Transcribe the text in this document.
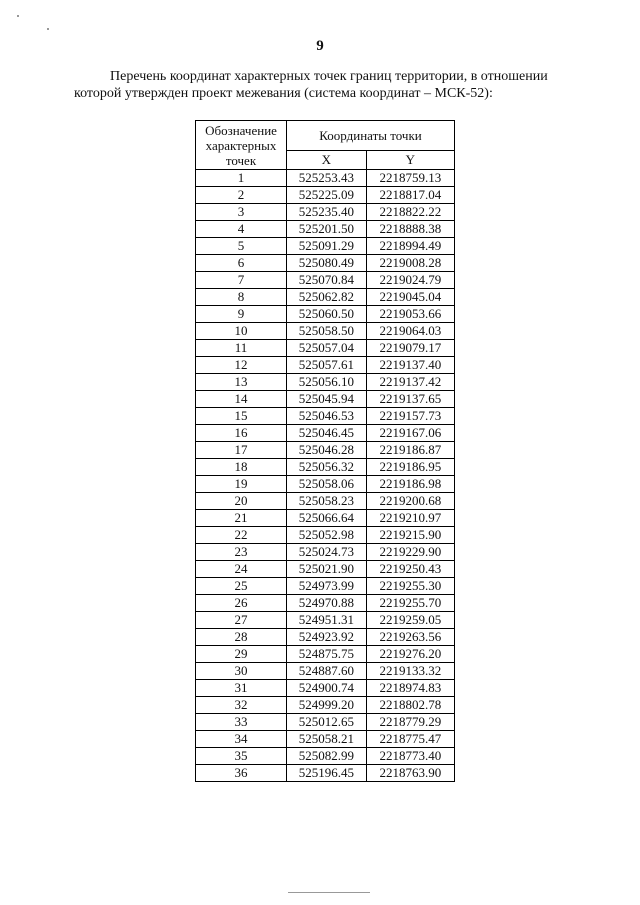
9
Перечень координат характерных точек границ территории, в отношении
которой утвержден проект межевания (система координат – МСК-52):
Обозначение характерных точек	Координаты точки	
	X	Y
1	525253.43	2218759.13
2	525225.09	2218817.04
3	525235.40	2218822.22
4	525201.50	2218888.38
5	525091.29	2218994.49
6	525080.49	2219008.28
7	525070.84	2219024.79
8	525062.82	2219045.04
9	525060.50	2219053.66
10	525058.50	2219064.03
11	525057.04	2219079.17
12	525057.61	2219137.40
13	525056.10	2219137.42
14	525045.94	2219137.65
15	525046.53	2219157.73
16	525046.45	2219167.06
17	525046.28	2219186.87
18	525056.32	2219186.95
19	525058.06	2219186.98
20	525058.23	2219200.68
21	525066.64	2219210.97
22	525052.98	2219215.90
23	525024.73	2219229.90
24	525021.90	2219250.43
25	524973.99	2219255.30
26	524970.88	2219255.70
27	524951.31	2219259.05
28	524923.92	2219263.56
29	524875.75	2219276.20
30	524887.60	2219133.32
31	524900.74	2218974.83
32	524999.20	2218802.78
33	525012.65	2218779.29
34	525058.21	2218775.47
35	525082.99	2218773.40
36	525196.45	2218763.90
